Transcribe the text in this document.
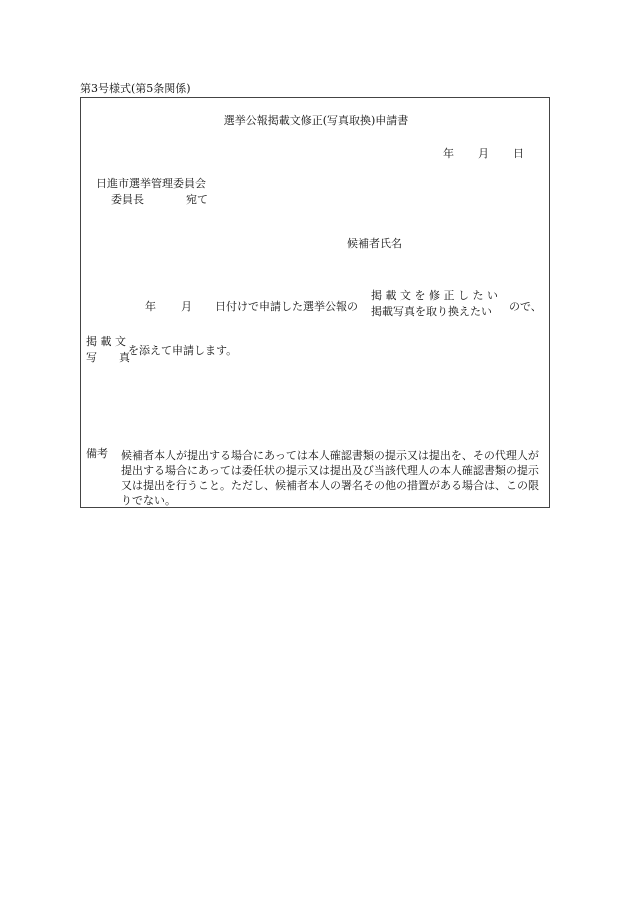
第3号様式(第5条関係)
選挙公報掲載文修正(写真取換)申請書
年 月 日
日進市選挙管理委員会
委員長	宛て
候補者氏名
年 月 日付けで申請した選挙公報の
掲 載 文 を 修 正 し た い
掲載写真を取り換えたい	ので、
掲 載 文
写　　真
を添えて申請します。
備考 候補者本人が提出する場合にあっては本人確認書類の提示又は提出を、その代理人が提出する場合にあっては委任状の提示又は提出及び当該代理人の本人確認書類の提示又は提出を行うこと。ただし、候補者本人の署名その他の措置がある場合は、この限りでない。
